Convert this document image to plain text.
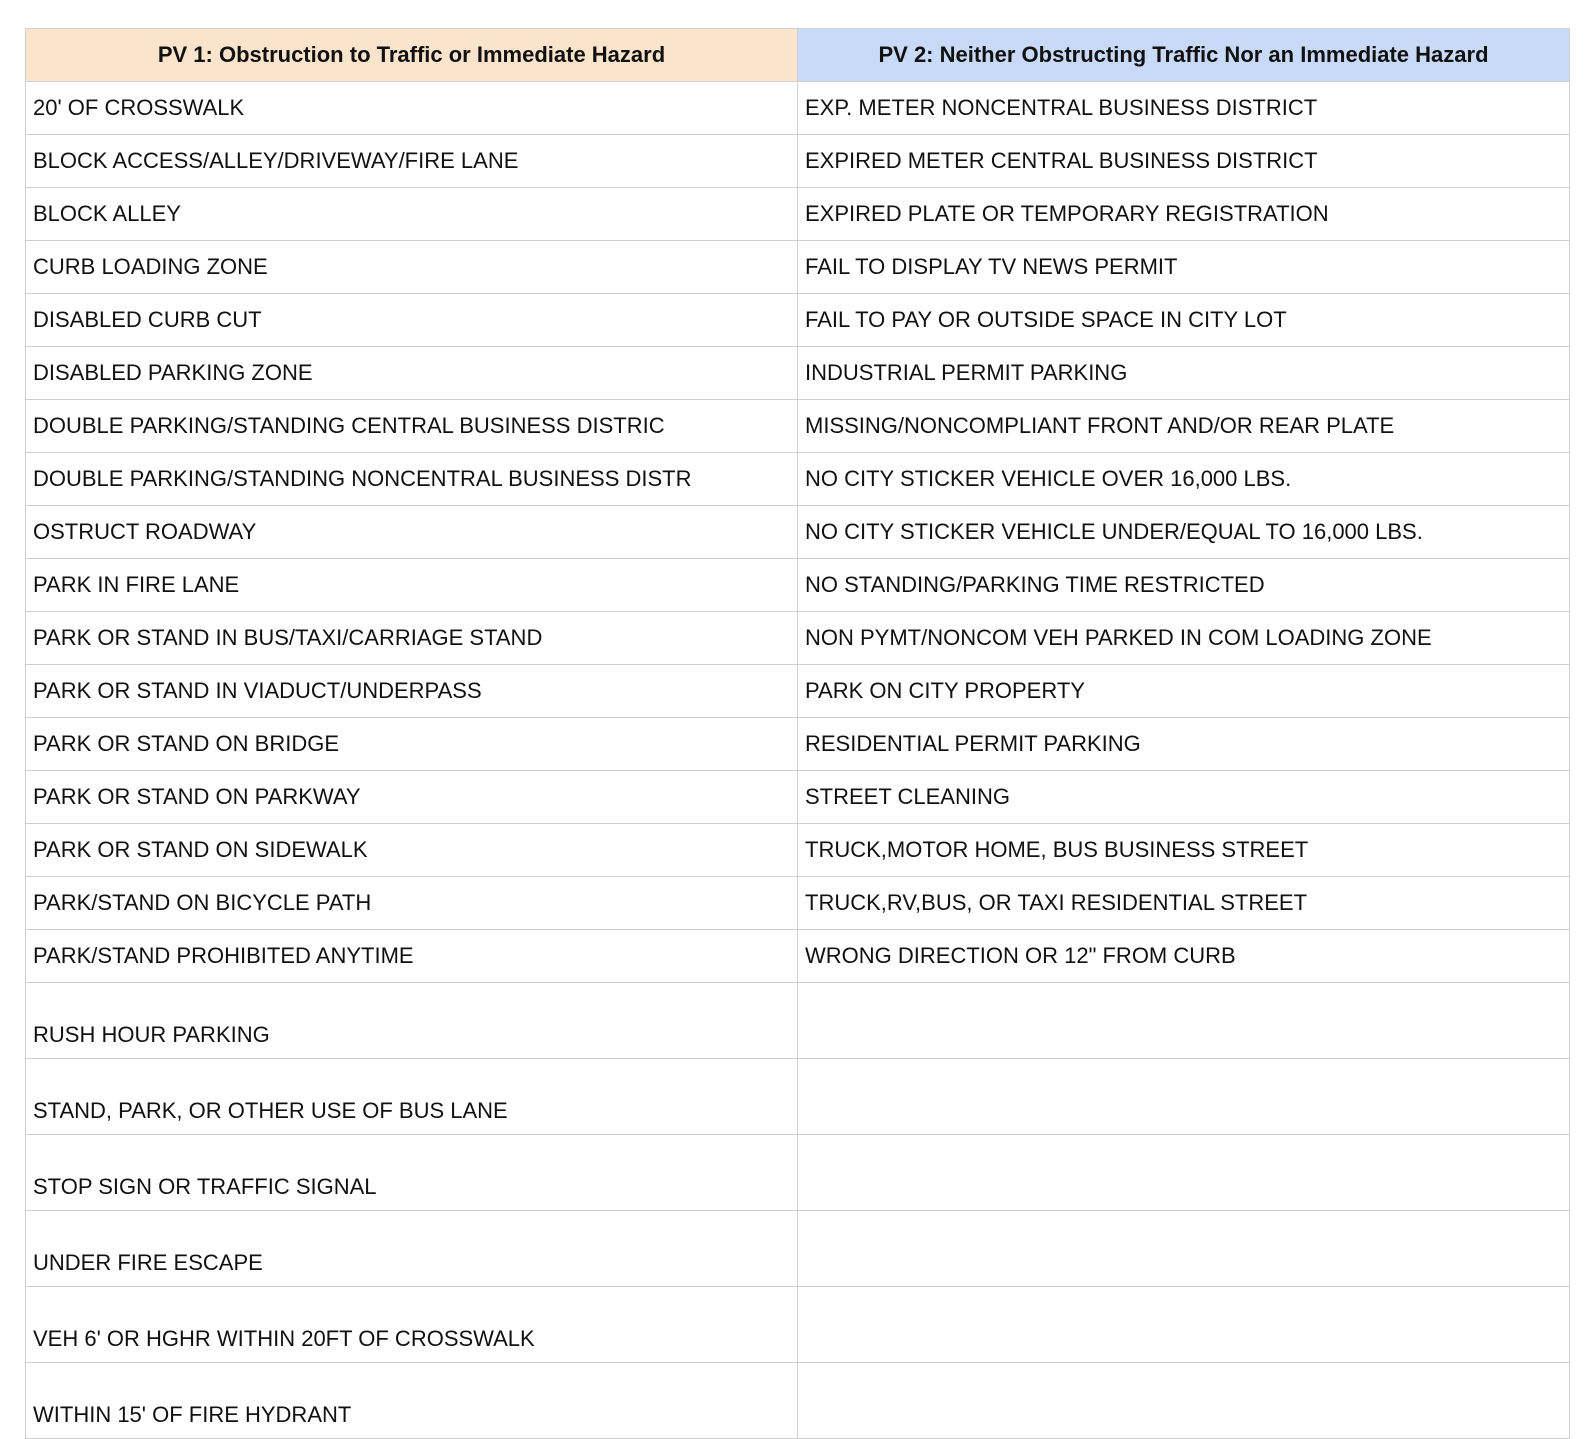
PV 1: Obstruction to Traffic or Immediate Hazard	PV 2: Neither Obstructing Traffic Nor an Immediate Hazard
20' OF CROSSWALK	EXP. METER NONCENTRAL BUSINESS DISTRICT
BLOCK ACCESS/ALLEY/DRIVEWAY/FIRE LANE	EXPIRED METER CENTRAL BUSINESS DISTRICT
BLOCK ALLEY	EXPIRED PLATE OR TEMPORARY REGISTRATION
CURB LOADING ZONE	FAIL TO DISPLAY TV NEWS PERMIT
DISABLED CURB CUT	FAIL TO PAY OR OUTSIDE SPACE IN CITY LOT
DISABLED PARKING ZONE	INDUSTRIAL PERMIT PARKING
DOUBLE PARKING/STANDING CENTRAL BUSINESS DISTRIC	MISSING/NONCOMPLIANT FRONT AND/OR REAR PLATE
DOUBLE PARKING/STANDING NONCENTRAL BUSINESS DISTR	NO CITY STICKER VEHICLE OVER 16,000 LBS.
OSTRUCT ROADWAY	NO CITY STICKER VEHICLE UNDER/EQUAL TO 16,000 LBS.
PARK IN FIRE LANE	NO STANDING/PARKING TIME RESTRICTED
PARK OR STAND IN BUS/TAXI/CARRIAGE STAND	NON PYMT/NONCOM VEH PARKED IN COM LOADING ZONE
PARK OR STAND IN VIADUCT/UNDERPASS	PARK ON CITY PROPERTY
PARK OR STAND ON BRIDGE	RESIDENTIAL PERMIT PARKING
PARK OR STAND ON PARKWAY	STREET CLEANING
PARK OR STAND ON SIDEWALK	TRUCK,MOTOR HOME, BUS BUSINESS STREET
PARK/STAND ON BICYCLE PATH	TRUCK,RV,BUS, OR TAXI RESIDENTIAL STREET
PARK/STAND PROHIBITED ANYTIME	WRONG DIRECTION OR 12" FROM CURB
RUSH HOUR PARKING	
STAND, PARK, OR OTHER USE OF BUS LANE	
STOP SIGN OR TRAFFIC SIGNAL	
UNDER FIRE ESCAPE	
VEH 6' OR HGHR WITHIN 20FT OF CROSSWALK	
WITHIN 15' OF FIRE HYDRANT	
